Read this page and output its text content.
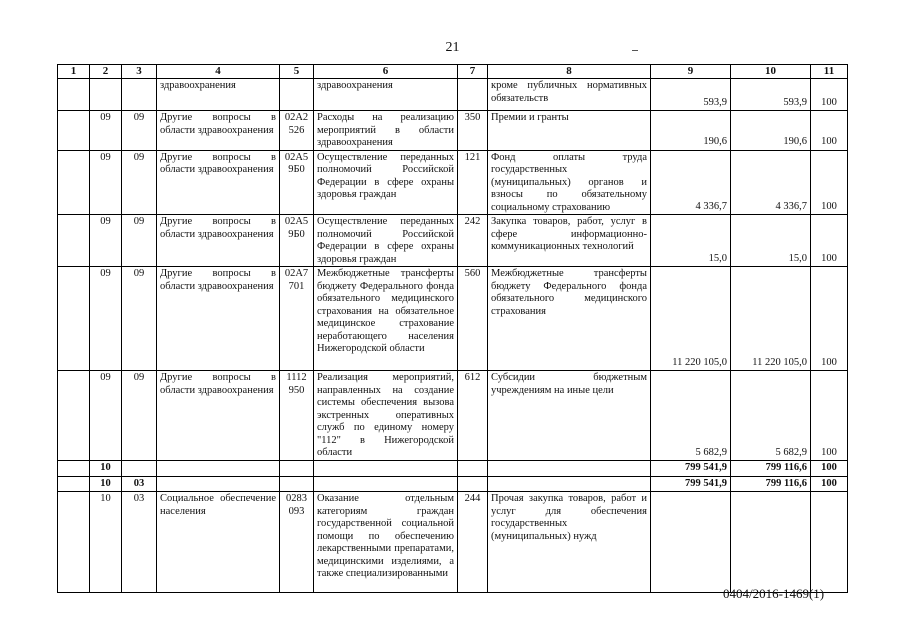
21
1	2	3	4	5	6	7	8	9	10	11
			здравоохранения		здравоохранения		кроме публичных нормативных обязательств	593,9	593,9	100
	09	09	Другие вопросы в области здравоохранения	02А2 526	Расходы на реализацию мероприятий в области здравоохранения	350	Премии и гранты	190,6	190,6	100
	09	09	Другие вопросы в области здравоохранения	02А5 9Б0	Осуществление переданных полномочий Российской Федерации в сфере охраны здоровья граждан	121	Фонд оплаты труда государственных (муниципальных) органов и взносы по обязательному социальному страхованию	4 336,7	4 336,7	100
	09	09	Другие вопросы в области здравоохранения	02А5 9Б0	Осуществление переданных полномочий Российской Федерации в сфере охраны здоровья граждан	242	Закупка товаров, работ, услуг в сфере информационно-коммуникационных технологий	15,0	15,0	100
	09	09	Другие вопросы в области здравоохранения	02А7 701	Межбюджетные трансферты бюджету Федерального фонда обязательного медицинского страхования на обязательное медицинское страхование неработающего населения Нижегородской области	560	Межбюджетные трансферты бюджету Федерального фонда обязательного медицинского страхования	11 220 105,0	11 220 105,0	100
	09	09	Другие вопросы в области здравоохранения	1112 950	Реализация мероприятий, направленных на создание системы обеспечения вызова экстренных оперативных служб по единому номеру "112" в Нижегородской области	612	Субсидии бюджетным учреждениям на иные цели	5 682,9	5 682,9	100
	10							799 541,9	799 116,6	100
	10	03						799 541,9	799 116,6	100
	10	03	Социальное обеспечение населения	0283 093	Оказание отдельным категориям граждан государственной социальной помощи по обеспечению лекарственными препаратами, медицинскими изделиями, а также специализированными	244	Прочая закупка товаров, работ и услуг для обеспечения государственных (муниципальных) нужд			
0404/2016-1469(1)
